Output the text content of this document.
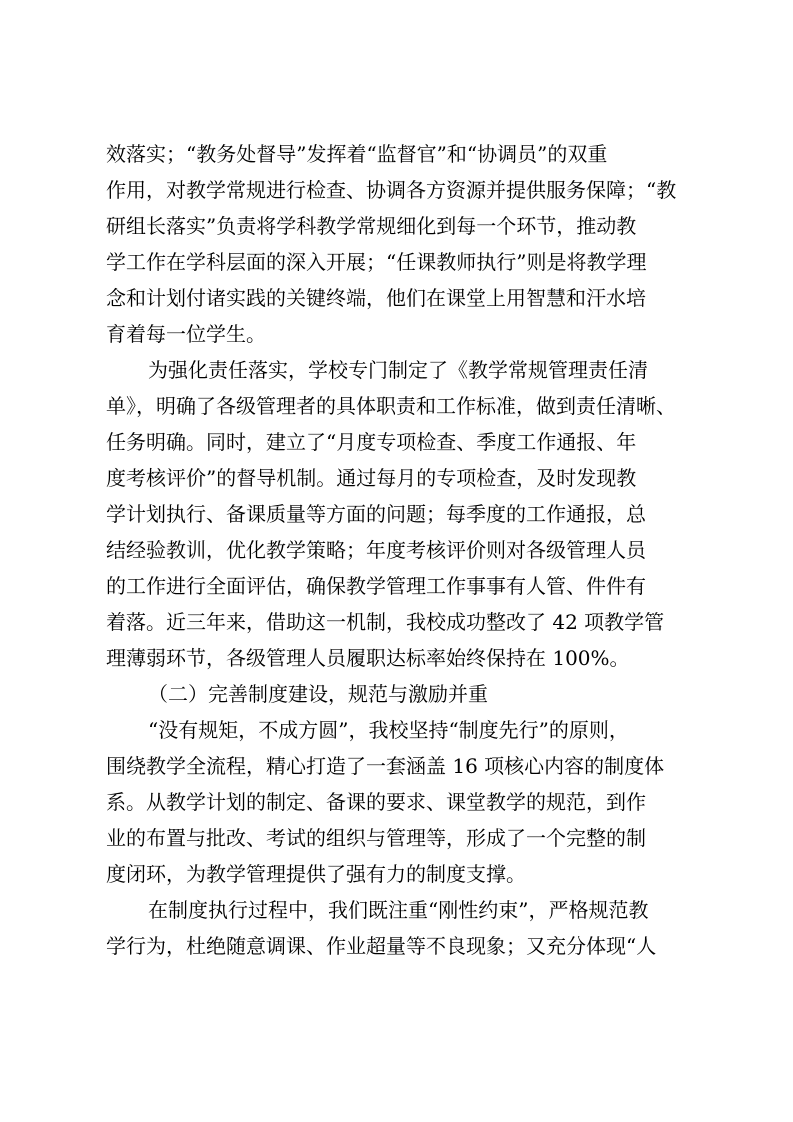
效落实；“教务处督导”发挥着“监督官”和“协调员”的双重
作用，对教学常规进行检查、协调各方资源并提供服务保障；“教
研组长落实”负责将学科教学常规细化到每一个环节，推动教
学工作在学科层面的深入开展；“任课教师执行”则是将教学理
念和计划付诸实践的关键终端，他们在课堂上用智慧和汗水培
育着每一位学生。
为强化责任落实，学校专门制定了《教学常规管理责任清
单》，明确了各级管理者的具体职责和工作标准，做到责任清晰、
任务明确。同时，建立了“月度专项检查、季度工作通报、年
度考核评价”的督导机制。通过每月的专项检查，及时发现教
学计划执行、备课质量等方面的问题；每季度的工作通报，总
结经验教训，优化教学策略；年度考核评价则对各级管理人员
的工作进行全面评估，确保教学管理工作事事有人管、件件有
着落。近三年来，借助这一机制，我校成功整改了 42 项教学管
理薄弱环节，各级管理人员履职达标率始终保持在 100%。
（二）完善制度建设，规范与激励并重
“没有规矩，不成方圆”，我校坚持“制度先行”的原则，
围绕教学全流程，精心打造了一套涵盖 16 项核心内容的制度体
系。从教学计划的制定、备课的要求、课堂教学的规范，到作
业的布置与批改、考试的组织与管理等，形成了一个完整的制
度闭环，为教学管理提供了强有力的制度支撑。
在制度执行过程中，我们既注重“刚性约束”，严格规范教
学行为，杜绝随意调课、作业超量等不良现象；又充分体现“人
